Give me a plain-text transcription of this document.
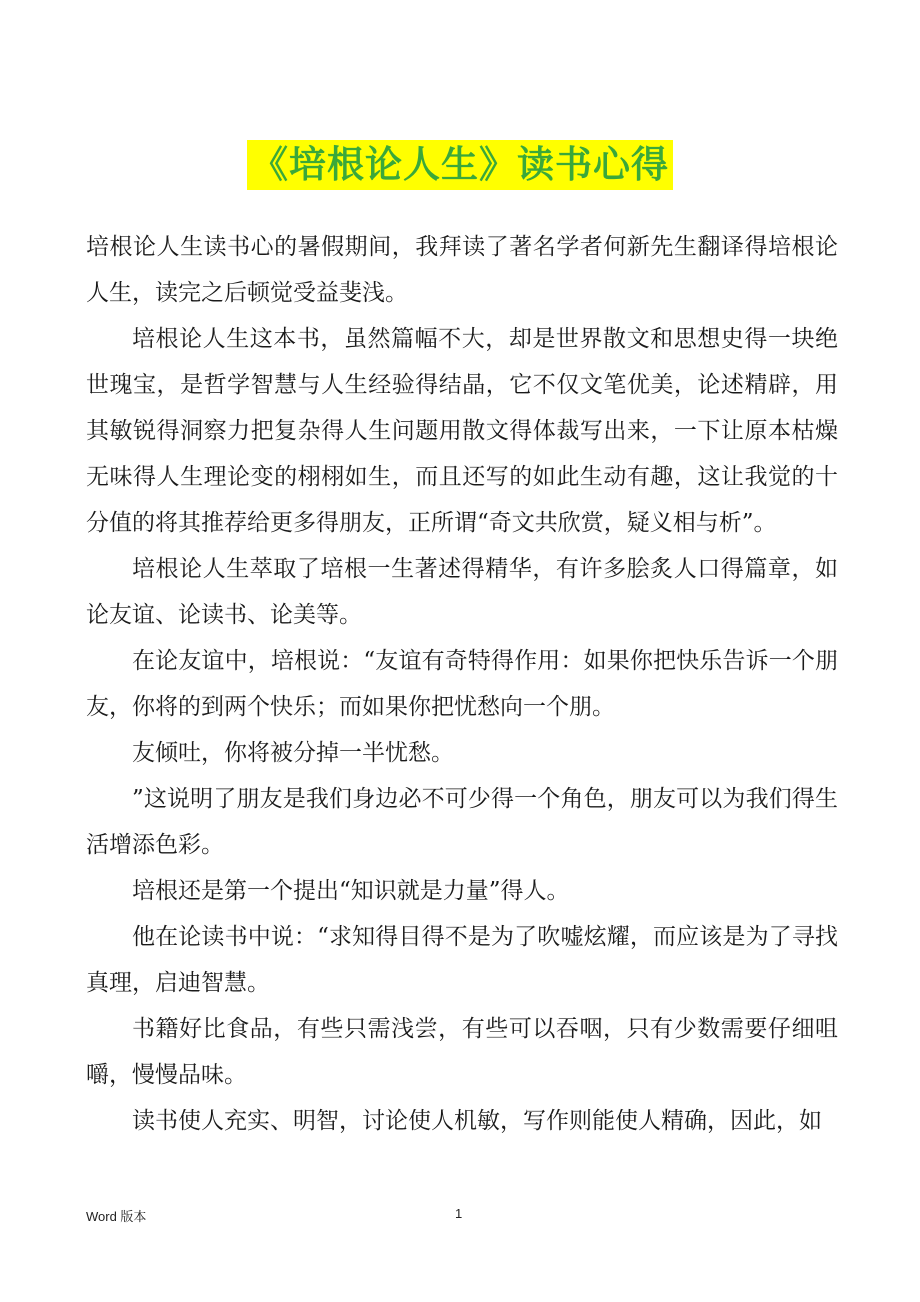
《培根论人生》读书心得

培根论人生读书心的暑假期间，我拜读了著名学者何新先生翻译得培根论人生，读完之后顿觉受益斐浅。

培根论人生这本书，虽然篇幅不大，却是世界散文和思想史得一块绝世瑰宝，是哲学智慧与人生经验得结晶，它不仅文笔优美，论述精辟，用其敏锐得洞察力把复杂得人生问题用散文得体裁写出来，一下让原本枯燥无味得人生理论变的栩栩如生，而且还写的如此生动有趣，这让我觉的十分值的将其推荐给更多得朋友，正所谓“奇文共欣赏，疑义相与析”。

培根论人生萃取了培根一生著述得精华，有许多脍炙人口得篇章，如论友谊、论读书、论美等。

在论友谊中，培根说：“友谊有奇特得作用：如果你把快乐告诉一个朋友，你将的到两个快乐；而如果你把忧愁向一个朋。

友倾吐，你将被分掉一半忧愁。

”这说明了朋友是我们身边必不可少得一个角色，朋友可以为我们得生活增添色彩。

培根还是第一个提出“知识就是力量”得人。

他在论读书中说：“求知得目得不是为了吹嘘炫耀，而应该是为了寻找真理，启迪智慧。

书籍好比食品，有些只需浅尝，有些可以吞咽，只有少数需要仔细咀嚼，慢慢品味。

读书使人充实、明智，讨论使人机敏，写作则能使人精确，因此，如

Word 版本	1
